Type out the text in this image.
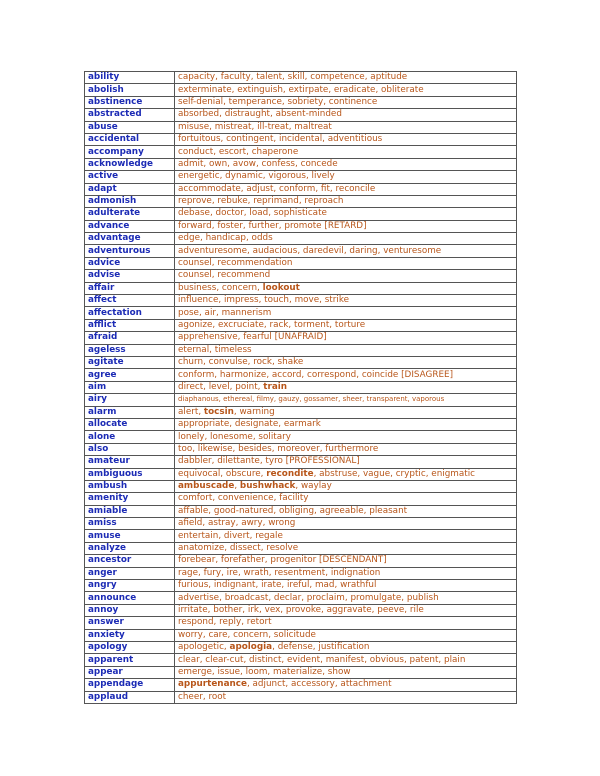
ability	capacity, faculty, talent, skill, competence, aptitude
abolish	exterminate, extinguish, extirpate, eradicate, obliterate
abstinence	self-denial, temperance, sobriety, continence
abstracted	absorbed, distraught, absent-minded
abuse	misuse, mistreat, ill-treat, maltreat
accidental	fortuitous, contingent, incidental, adventitious
accompany	conduct, escort, chaperone
acknowledge	admit, own, avow, confess, concede
active	energetic, dynamic, vigorous, lively
adapt	accommodate, adjust, conform, fit, reconcile
admonish	reprove, rebuke, reprimand, reproach
adulterate	debase, doctor, load, sophisticate
advance	forward, foster, further, promote [RETARD]
advantage	edge, handicap, odds
adventurous	adventuresome, audacious, daredevil, daring, venturesome
advice	counsel, recommendation
advise	counsel, recommend
affair	business, concern, lookout
affect	influence, impress, touch, move, strike
affectation	pose, air, mannerism
afflict	agonize, excruciate, rack, torment, torture
afraid	apprehensive, fearful [UNAFRAID]
ageless	eternal, timeless
agitate	churn, convulse, rock, shake
agree	conform, harmonize, accord, correspond, coincide [DISAGREE]
aim	direct, level, point, train
airy	diaphanous, ethereal, filmy, gauzy, gossamer, sheer, transparent, vaporous
alarm	alert, tocsin, warning
allocate	appropriate, designate, earmark
alone	lonely, lonesome, solitary
also	too, likewise, besides, moreover, furthermore
amateur	dabbler, dilettante, tyro [PROFESSIONAL]
ambiguous	equivocal, obscure, recondite, abstruse, vague, cryptic, enigmatic
ambush	ambuscade, bushwhack, waylay
amenity	comfort, convenience, facility
amiable	affable, good-natured, obliging, agreeable, pleasant
amiss	afield, astray, awry, wrong
amuse	entertain, divert, regale
analyze	anatomize, dissect, resolve
ancestor	forebear, forefather, progenitor [DESCENDANT]
anger	rage, fury, ire, wrath, resentment, indignation
angry	furious, indignant, irate, ireful, mad, wrathful
announce	advertise, broadcast, declar, proclaim, promulgate, publish
annoy	irritate, bother, irk, vex, provoke, aggravate, peeve, rile
answer	respond, reply, retort
anxiety	worry, care, concern, solicitude
apology	apologetic, apologia, defense, justification
apparent	clear, clear-cut, distinct, evident, manifest, obvious, patent, plain
appear	emerge, issue, loom, materialize, show
appendage	appurtenance, adjunct, accessory, attachment
applaud	cheer, root
